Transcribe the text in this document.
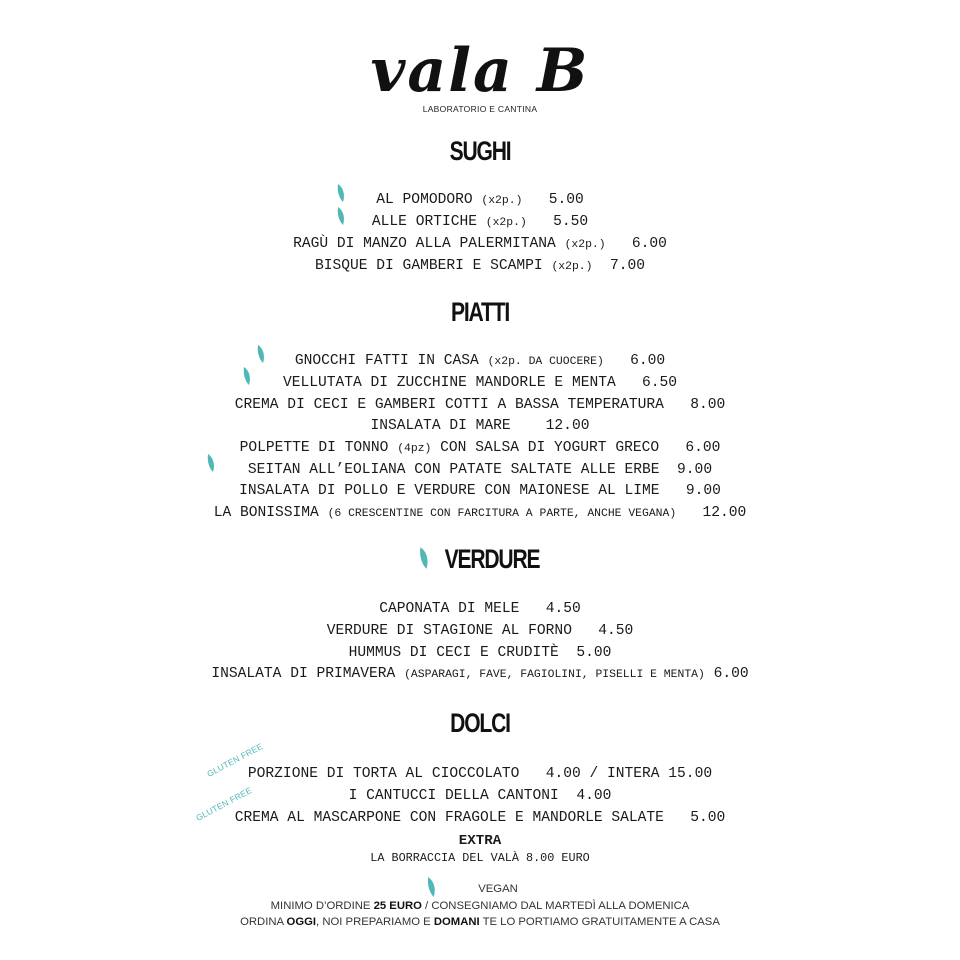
vala B
LABORATORIO E CANTINA
SUGHI
AL POMODORO (x2p.) 5.00
ALLE ORTICHE (x2p.) 5.50
RAGÙ DI MANZO ALLA PALERMITANA (x2p.) 6.00
BISQUE DI GAMBERI E SCAMPI (x2p.) 7.00
PIATTI
GNOCCHI FATTI IN CASA (x2p. DA CUOCERE) 6.00
VELLUTATA DI ZUCCHINE MANDORLE E MENTA 6.50
CREMA DI CECI E GAMBERI COTTI A BASSA TEMPERATURA 8.00
INSALATA DI MARE 12.00
POLPETTE DI TONNO (4pz) CON SALSA DI YOGURT GRECO 6.00
SEITAN ALL’EOLIANA CON PATATE SALTATE ALLE ERBE 9.00
INSALATA DI POLLO E VERDURE CON MAIONESE AL LIME 9.00
LA BONISSIMA (6 CRESCENTINE CON FARCITURA A PARTE, ANCHE VEGANA) 12.00
VERDURE
CAPONATA DI MELE 4.50
VERDURE DI STAGIONE AL FORNO 4.50
HUMMUS DI CECI E CRUDITÈ 5.00
INSALATA DI PRIMAVERA (ASPARAGI, FAVE, FAGIOLINI, PISELLI E MENTA) 6.00
DOLCI
GLUTEN FREE
PORZIONE DI TORTA AL CIOCCOLATO 4.00 / INTERA 15.00
I CANTUCCI DELLA CANTONI 4.00
GLUTEN FREE
CREMA AL MASCARPONE CON FRAGOLE E MANDORLE SALATE 5.00
EXTRA
LA BORRACCIA DEL VALÀ 8.00 EURO
VEGAN
MINIMO D’ORDINE 25 EURO / CONSEGNIAMO DAL MARTEDÌ ALLA DOMENICA
ORDINA OGGI, NOI PREPARIAMO E DOMANI TE LO PORTIAMO GRATUITAMENTE A CASA
